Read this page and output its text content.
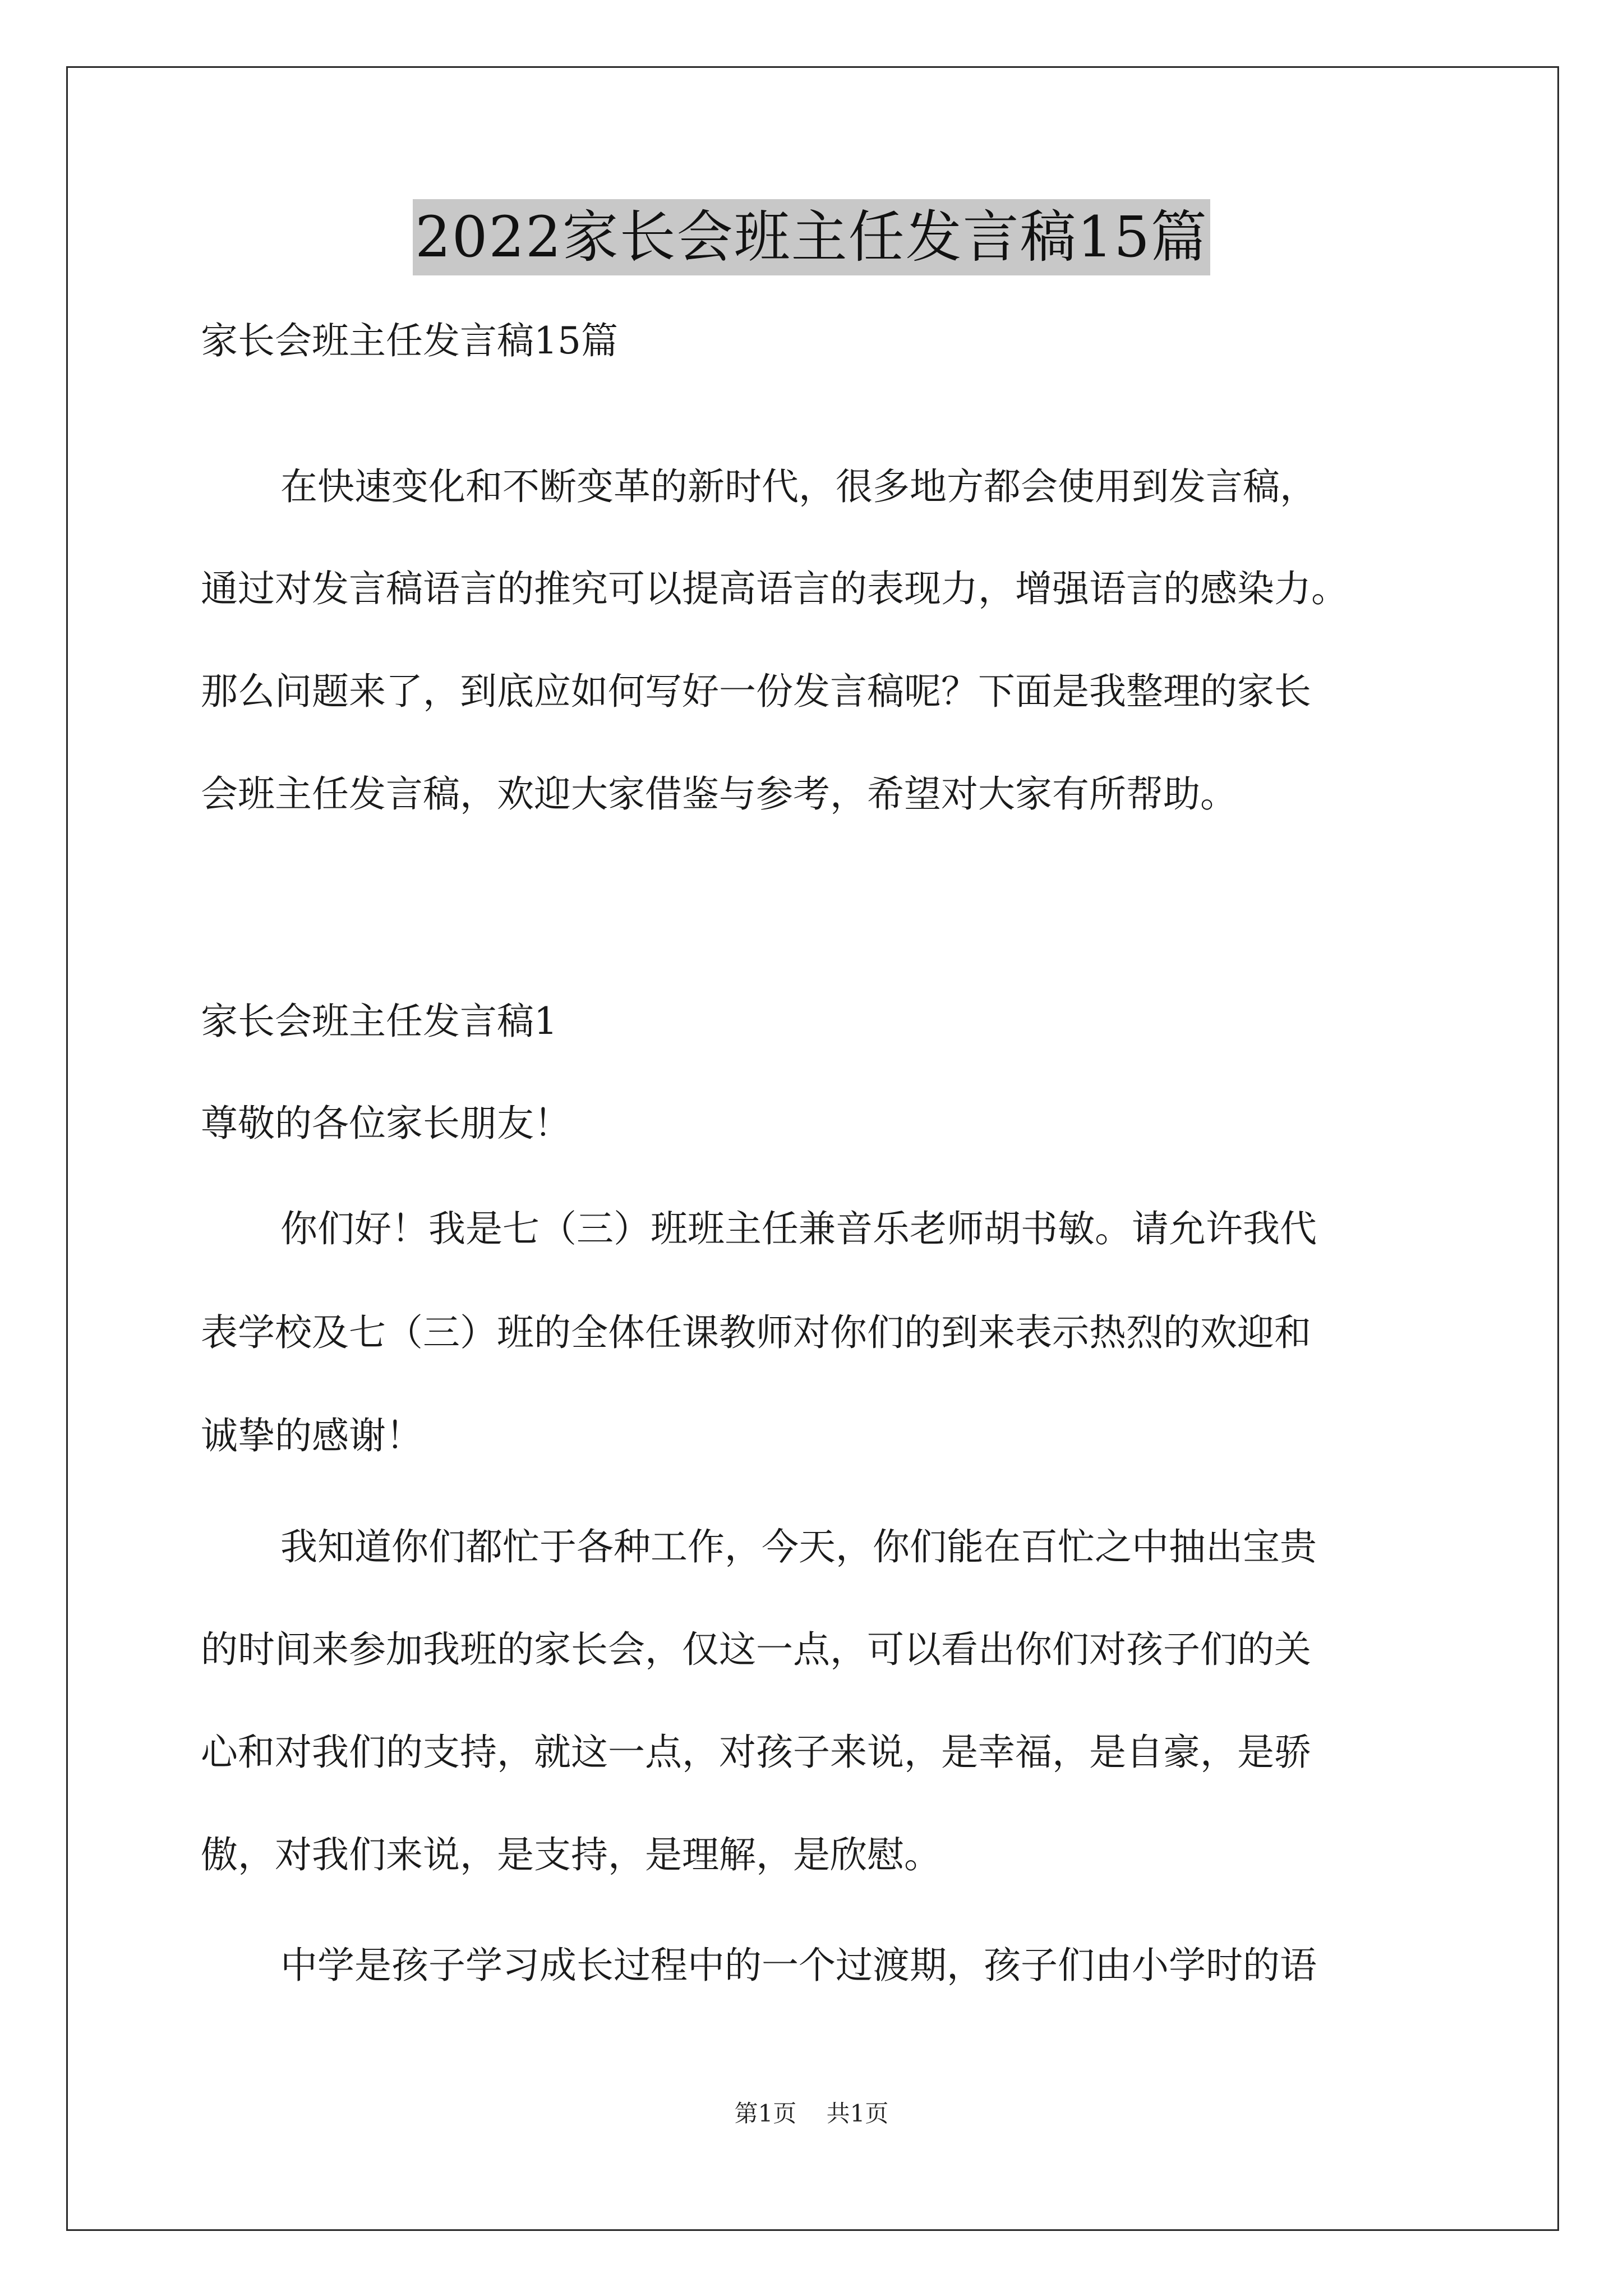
2022家长会班主任发言稿15篇
家长会班主任发言稿15篇
在快速变化和不断变革的新时代，很多地方都会使用到发言稿，
通过对发言稿语言的推究可以提高语言的表现力，增强语言的感染力。
那么问题来了，到底应如何写好一份发言稿呢？下面是我整理的家长
会班主任发言稿，欢迎大家借鉴与参考，希望对大家有所帮助。
家长会班主任发言稿1
尊敬的各位家长朋友！
你们好！我是七（三）班班主任兼音乐老师胡书敏。请允许我代
表学校及七（三）班的全体任课教师对你们的到来表示热烈的欢迎和
诚挚的感谢！
我知道你们都忙于各种工作，今天，你们能在百忙之中抽出宝贵
的时间来参加我班的家长会，仅这一点，可以看出你们对孩子们的关
心和对我们的支持，就这一点，对孩子来说，是幸福，是自豪，是骄
傲，对我们来说，是支持，是理解，是欣慰。
中学是孩子学习成长过程中的一个过渡期，孩子们由小学时的语
第1页 共1页
